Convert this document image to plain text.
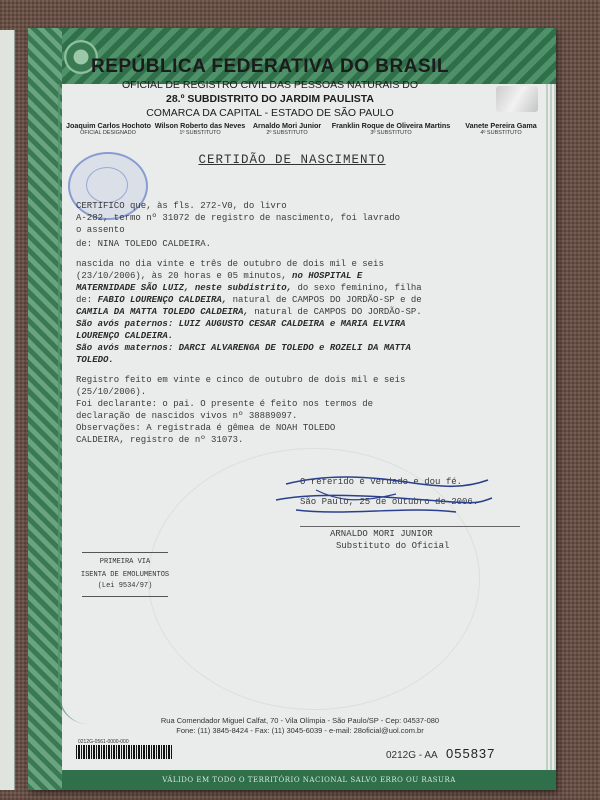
VÁLIDO EM TODO O TERRITÓRIO NACIONAL SALVO ERRO OU RASURA
REPÚBLICA FEDERATIVA DO BRASIL
OFICIAL DE REGISTRO CIVIL DAS PESSOAS NATURAIS DO
28.º SUBDISTRITO DO JARDIM PAULISTA
COMARCA DA CAPITAL - ESTADO DE SÃO PAULO
Joaquim Carlos Hochoto
OFICIAL DESIGNADO
Wilson Roberto das Neves
1º SUBSTITUTO
Arnaldo Mori Junior
2º SUBSTITUTO
Franklin Roque de Oliveira Martins
3º SUBSTITUTO
Vanete Pereira Gama
4º SUBSTITUTO
CERTIDÃO DE NASCIMENTO
CERTIFICO que, às fls. 272-V0, do livro
A-282, termo nº 31072 de registro de nascimento, foi lavrado
o assento
de: NINA TOLEDO CALDEIRA.
nascida no dia vinte e três de outubro de dois mil e seis
(23/10/2006), às 20 horas e 05 minutos, no HOSPITAL E
MATERNIDADE SÃO LUIZ, neste subdistrito, do sexo feminino, filha
de: FABIO LOURENÇO CALDEIRA, natural de CAMPOS DO JORDÃO-SP e de
CAMILA DA MATTA TOLEDO CALDEIRA, natural de CAMPOS DO JORDÃO-SP.
São avós paternos: LUIZ AUGUSTO CESAR CALDEIRA e MARIA ELVIRA
LOURENÇO CALDEIRA.
São avós maternos: DARCI ALVARENGA DE TOLEDO e ROZELI DA MATTA
TOLEDO.
Registro feito em vinte e cinco de outubro de dois mil e seis
(25/10/2006).
Foi declarante: o pai. O presente é feito nos termos de
declaração de nascidos vivos nº 38889097.
Observações: A registrada é gêmea de NOAH TOLEDO
CALDEIRA, registro de nº 31073.
O referido é verdade e dou fé.
São Paulo, 25 de outubro de 2006.
ARNALDO MORI JUNIOR
Substituto do Oficial
PRIMEIRA VIA
ISENTA DE EMOLUMENTOS
(Lei 9534/97)
Rua Comendador Miguel Calfat, 70 - Vila Olímpia - São Paulo/SP - Cep: 04537-080
Fone: (11) 3845-8424 - Fax: (11) 3045-6039 - e-mail: 28oficial@uol.com.br
0212G-0561-0000-000
0212G - AA 055837
